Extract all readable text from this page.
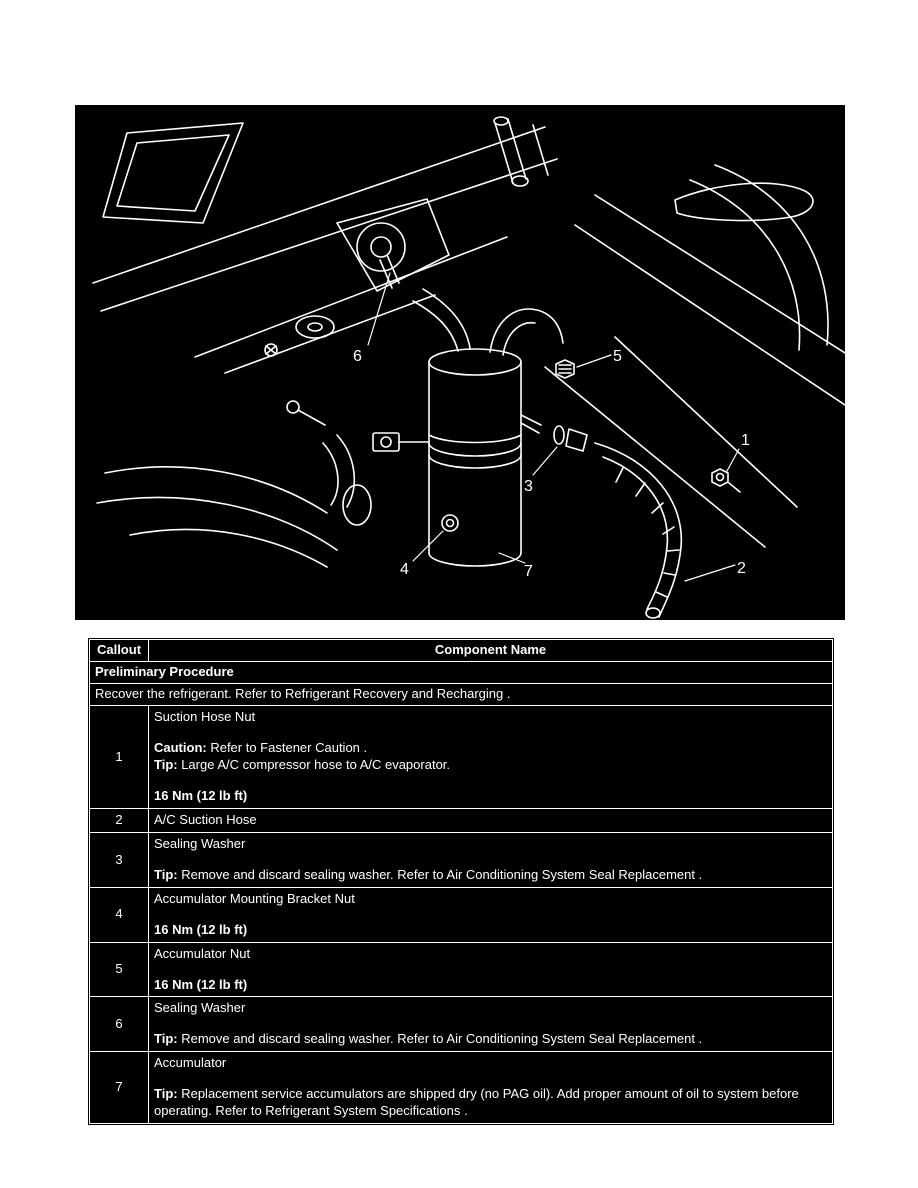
1
2
3
4
5
6
7
Callout	Component Name
Preliminary Procedure	
Recover the refrigerant. Refer to Refrigerant Recovery and Recharging .	
1	Suction Hose Nut
Caution: Refer to Fastener Caution .
Tip: Large A/C compressor hose to A/C evaporator.
16 Nm (12 lb ft)

2	A/C Suction Hose

3	Sealing Washer
Tip: Remove and discard sealing washer. Refer to Air Conditioning System Seal Replacement .

4	Accumulator Mounting Bracket Nut
16 Nm (12 lb ft)

5	Accumulator Nut
16 Nm (12 lb ft)

6	Sealing Washer
Tip: Remove and discard sealing washer. Refer to Air Conditioning System Seal Replacement .

7	Accumulator
Tip: Replacement service accumulators are shipped dry (no PAG oil). Add proper amount of oil to system before operating. Refer to Refrigerant System Specifications .
